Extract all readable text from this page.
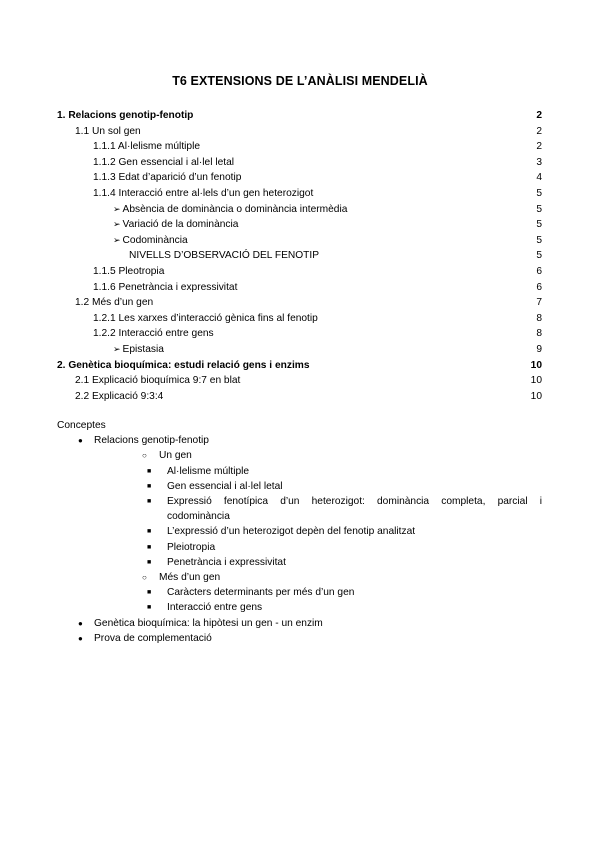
T6 EXTENSIONS DE L’ANÀLISI MENDELIÀ
1. Relacions genotip-fenotip	2
1.1 Un sol gen	2
1.1.1 Al·lelisme múltiple	2
1.1.2 Gen essencial i al·lel letal	3
1.1.3 Edat d’aparició d’un fenotip	4
1.1.4 Interacció entre al·lels d’un gen heterozigot	5
➢ Absència de dominància o dominància intermèdia	5
➢ Variació de la dominància	5
➢ Codominància	5
NIVELLS D’OBSERVACIÓ DEL FENOTIP	5
1.1.5 Pleotropia	6
1.1.6 Penetrància i expressivitat	6
1.2 Més d’un gen	7
1.2.1 Les xarxes d’interacció gènica fins al fenotip	8
1.2.2 Interacció entre gens	8
➢ Epistasia	9
2. Genètica bioquímica: estudi relació gens i enzims	10
2.1 Explicació bioquímica 9:7 en blat	10
2.2 Explicació 9:3:4	10
Conceptes
● Relacions genotip-fenotip
○ Un gen
■ Al·lelisme múltiple
■ Gen essencial i al·lel letal
■ Expressió fenotípica d’un heterozigot: dominància completa, parcial i codominància
■ L’expressió d’un heterozigot depèn del fenotip analitzat
■ Pleiotropia
■ Penetrància i expressivitat
○ Més d’un gen
■ Caràcters determinants per més d’un gen
■ Interacció entre gens
● Genètica bioquímica: la hipòtesi un gen - un enzim
● Prova de complementació
